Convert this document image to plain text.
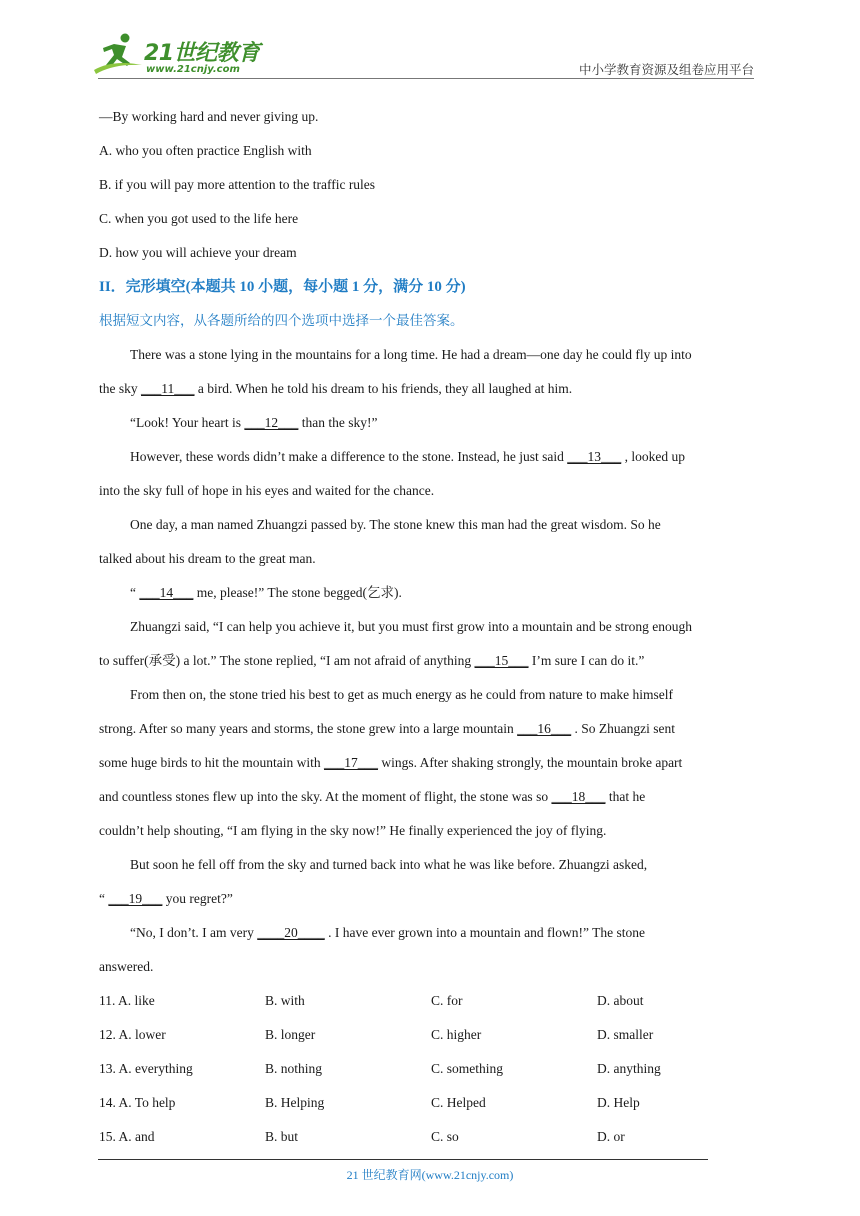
21世纪教育
www.21cnjy.com	中小学教育资源及组卷应用平台
—By working hard and never giving up.
A. who you often practice English with
B. if you will pay more attention to the traffic rules
C. when you got used to the life here
D. how you will achieve your dream
II．完形填空(本题共 10 小题，每小题 1 分，满分 10 分)
根据短文内容，从各题所给的四个选项中选择一个最佳答案。
There was a stone lying in the mountains for a long time. He had a dream—one day he could fly up into
the sky ___11___ a bird. When he told his dream to his friends, they all laughed at him.
“Look! Your heart is ___12___ than the sky!”
However, these words didn’t make a difference to the stone. Instead, he just said ___13___ , looked up
into the sky full of hope in his eyes and waited for the chance.
One day, a man named Zhuangzi passed by. The stone knew this man had the great wisdom. So he
talked about his dream to the great man.
“ ___14___ me, please!” The stone begged(乞求).
Zhuangzi said, “I can help you achieve it, but you must first grow into a mountain and be strong enough
to suffer(承受) a lot.” The stone replied, “I am not afraid of anything ___15___ I’m sure I can do it.”
From then on, the stone tried his best to get as much energy as he could from nature to make himself
strong. After so many years and storms, the stone grew into a large mountain ___16___ . So Zhuangzi sent
some huge birds to hit the mountain with ___17___ wings. After shaking strongly, the mountain broke apart
and countless stones flew up into the sky. At the moment of flight, the stone was so ___18___ that he
couldn’t help shouting, “I am flying in the sky now!” He finally experienced the joy of flying.
But soon he fell off from the sky and turned back into what he was like before. Zhuangzi asked,
“ ___19___ you regret?”
“No, I don’t. I am very ____20____ . I have ever grown into a mountain and flown!” The stone
answered.
11. A. like	B. with	C. for	D. about
12. A. lower	B. longer	C. higher	D. smaller
13. A. everything	B. nothing	C. something	D. anything
14. A. To help	B. Helping	C. Helped	D. Help
15. A. and	B. but	C. so	D. or
21 世纪教育网(www.21cnjy.com)
